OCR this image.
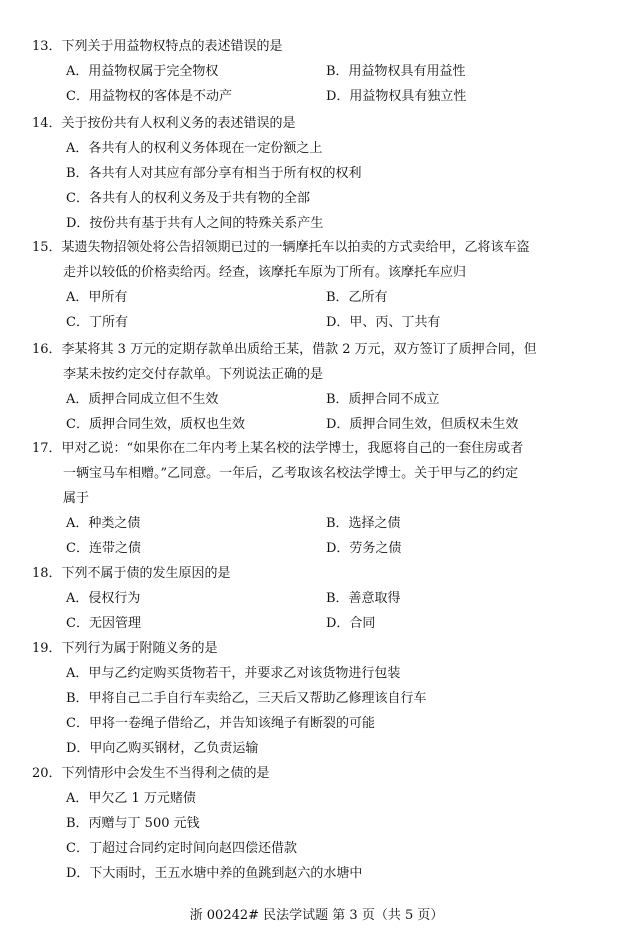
13．下列关于用益物权特点的表述错误的是
A．用益物权属于完全物权	B．用益物权具有用益性
C．用益物权的客体是不动产	D．用益物权具有独立性
14．关于按份共有人权利义务的表述错误的是
A．各共有人的权利义务体现在一定份额之上
B．各共有人对其应有部分享有相当于所有权的权利
C．各共有人的权利义务及于共有物的全部
D．按份共有基于共有人之间的特殊关系产生
15．某遗失物招领处将公告招领期已过的一辆摩托车以拍卖的方式卖给甲，乙将该车盗
走并以较低的价格卖给丙。经查，该摩托车原为丁所有。该摩托车应归
A．甲所有	B．乙所有
C．丁所有	D．甲、丙、丁共有
16．李某将其 3 万元的定期存款单出质给王某，借款 2 万元，双方签订了质押合同，但
李某未按约定交付存款单。下列说法正确的是
A．质押合同成立但不生效	B．质押合同不成立
C．质押合同生效，质权也生效	D．质押合同生效，但质权未生效
17．甲对乙说：“如果你在二年内考上某名校的法学博士，我愿将自己的一套住房或者
一辆宝马车相赠。”乙同意。一年后，乙考取该名校法学博士。关于甲与乙的约定
属于
A．种类之债	B．选择之债
C．连带之债	D．劳务之债
18．下列不属于债的发生原因的是
A．侵权行为	B．善意取得
C．无因管理	D．合同
19．下列行为属于附随义务的是
A．甲与乙约定购买货物若干，并要求乙对该货物进行包装
B．甲将自己二手自行车卖给乙，三天后又帮助乙修理该自行车
C．甲将一卷绳子借给乙，并告知该绳子有断裂的可能
D．甲向乙购买钢材，乙负责运输
20．下列情形中会发生不当得利之债的是
A．甲欠乙 1 万元赌债
B．丙赠与丁 500 元钱
C．丁超过合同约定时间向赵四偿还借款
D．下大雨时，王五水塘中养的鱼跳到赵六的水塘中
浙 00242# 民法学试题 第 3 页（共 5 页）
